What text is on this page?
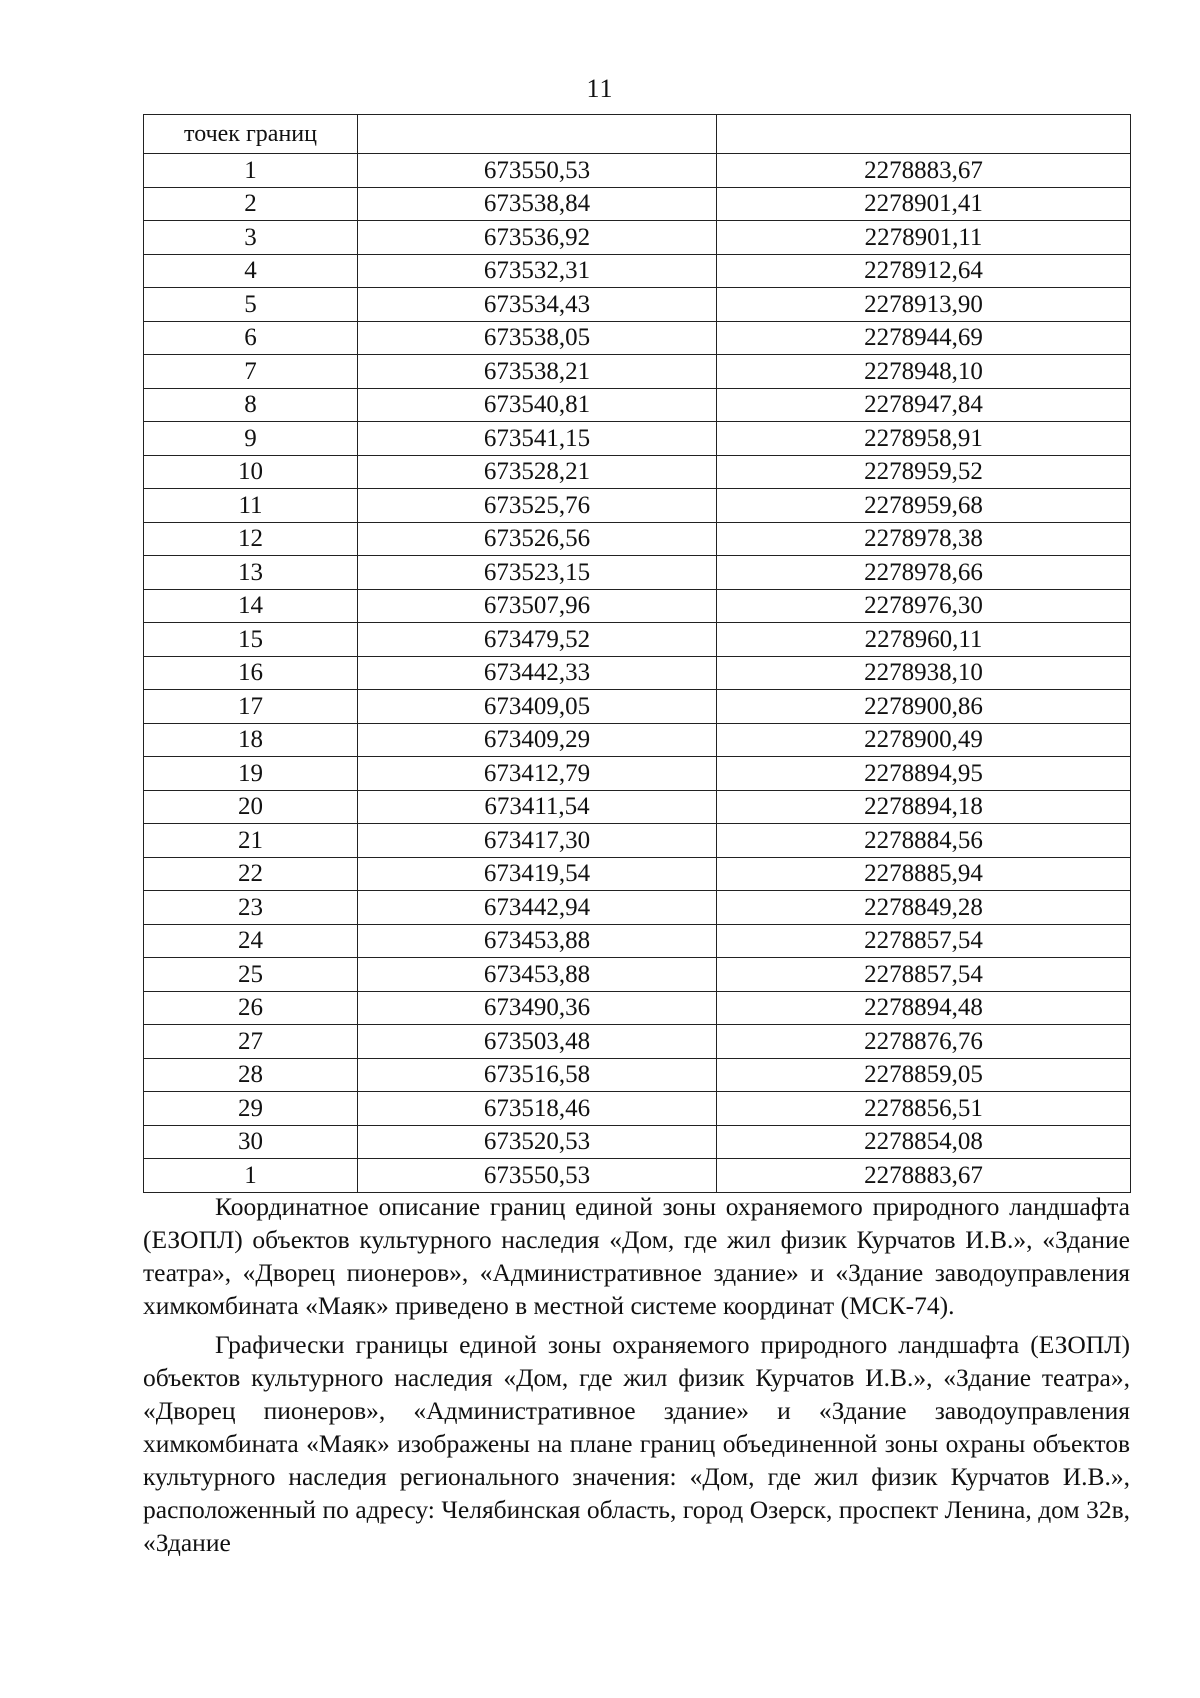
11
точек границ		
1	673550,53	2278883,67
2	673538,84	2278901,41
3	673536,92	2278901,11
4	673532,31	2278912,64
5	673534,43	2278913,90
6	673538,05	2278944,69
7	673538,21	2278948,10
8	673540,81	2278947,84
9	673541,15	2278958,91
10	673528,21	2278959,52
11	673525,76	2278959,68
12	673526,56	2278978,38
13	673523,15	2278978,66
14	673507,96	2278976,30
15	673479,52	2278960,11
16	673442,33	2278938,10
17	673409,05	2278900,86
18	673409,29	2278900,49
19	673412,79	2278894,95
20	673411,54	2278894,18
21	673417,30	2278884,56
22	673419,54	2278885,94
23	673442,94	2278849,28
24	673453,88	2278857,54
25	673453,88	2278857,54
26	673490,36	2278894,48
27	673503,48	2278876,76
28	673516,58	2278859,05
29	673518,46	2278856,51
30	673520,53	2278854,08
1	673550,53	2278883,67

Координатное описание границ единой зоны охраняемого природного ландшафта (ЕЗОПЛ) объектов культурного наследия «Дом, где жил физик Курчатов И.В.», «Здание театра», «Дворец пионеров», «Административное здание» и «Здание заводоуправления химкомбината «Маяк» приведено в местной системе координат (МСК-74).

Графически границы единой зоны охраняемого природного ландшафта (ЕЗОПЛ) объектов культурного наследия «Дом, где жил физик Курчатов И.В.», «Здание театра», «Дворец пионеров», «Административное здание» и «Здание заводоуправления химкомбината «Маяк» изображены на плане границ объединенной зоны охраны объектов культурного наследия регионального значения: «Дом, где жил физик Курчатов И.В.», расположенный по адресу: Челябинская область, город Озерск, проспект Ленина, дом 32в, «Здание
